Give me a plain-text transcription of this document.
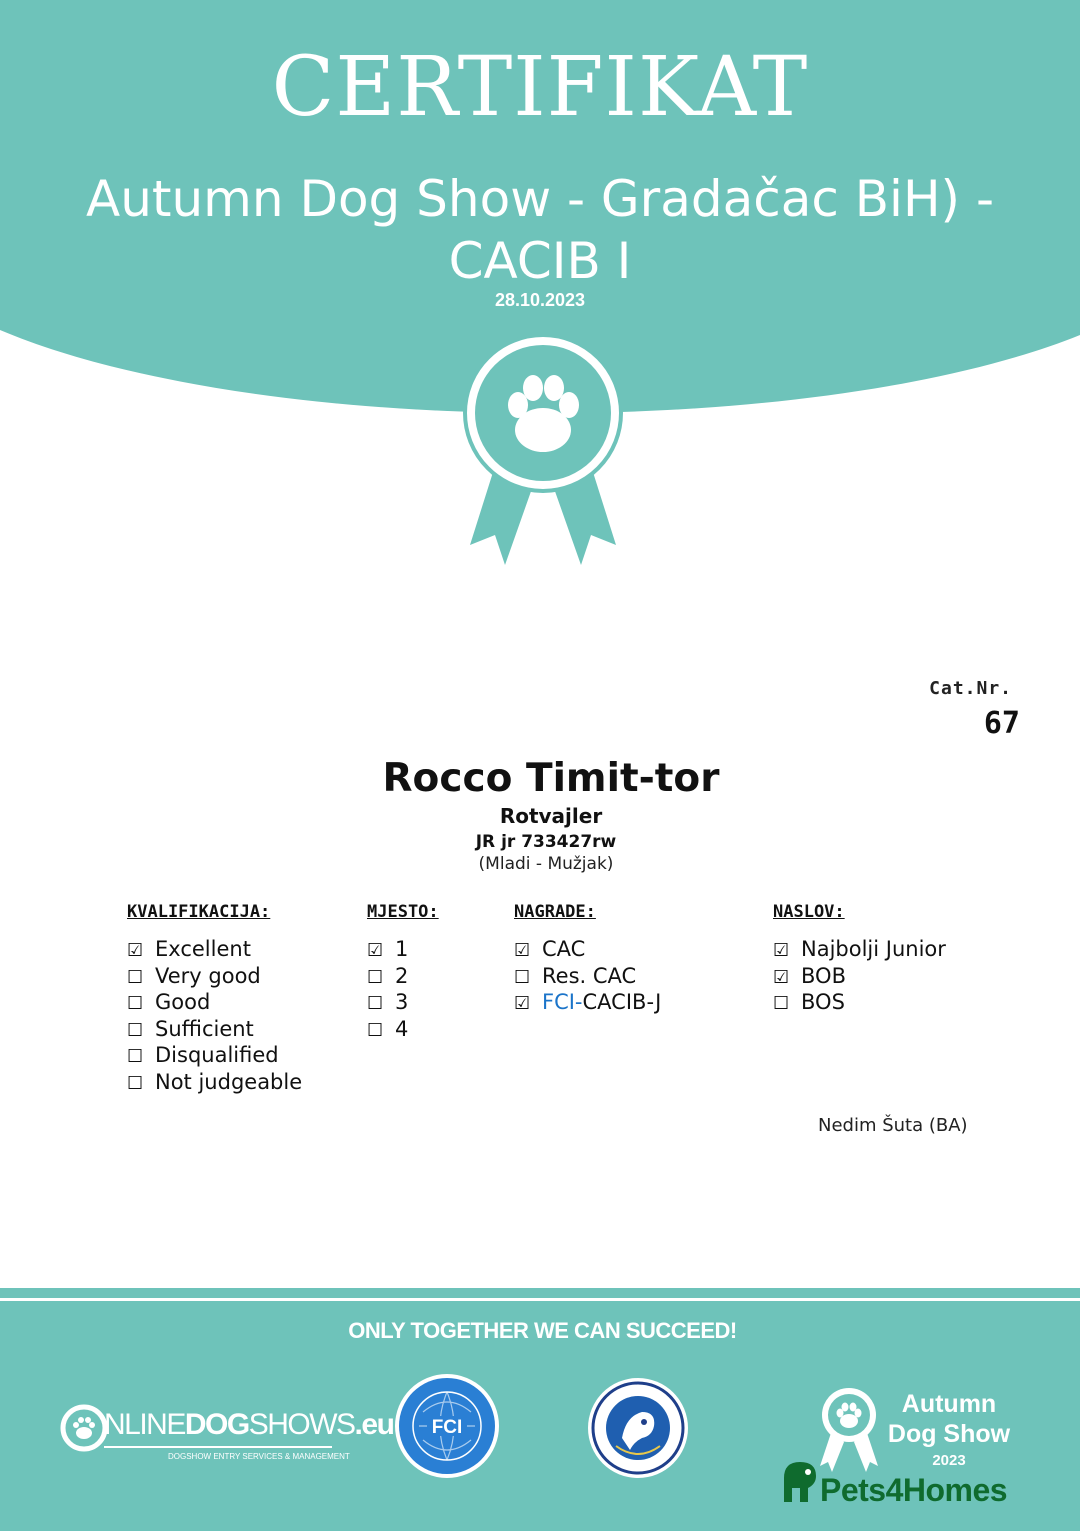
CERTIFIKAT
Autumn Dog Show - Gradačac BiH) -
CACIB I
28.10.2023
Cat.Nr.
67
Rocco Timit-tor
Rotvajler
JR jr 733427rw
(Mladi - Mužjak)
KVALIFIKACIJA:
☑ Excellent
☐ Very good
☐ Good
☐ Sufficient
☐ Disqualified
☐ Not judgeable
MJESTO:
☑ 1
☐ 2
☐ 3
☐ 4
NAGRADE:
☑ CAC
☐ Res. CAC
☑ FCI-CACIB-J
NASLOV:
☑ Najbolji Junior
☑ BOB
☐ BOS
Nedim Šuta (BA)
ONLY TOGETHER WE CAN SUCCEED!
NLINEDOGSHOWS.eu
DOGSHOW ENTRY SERVICES & MANAGEMENT
FCI
Autumn
Dog Show
2023
Pets4Homes
